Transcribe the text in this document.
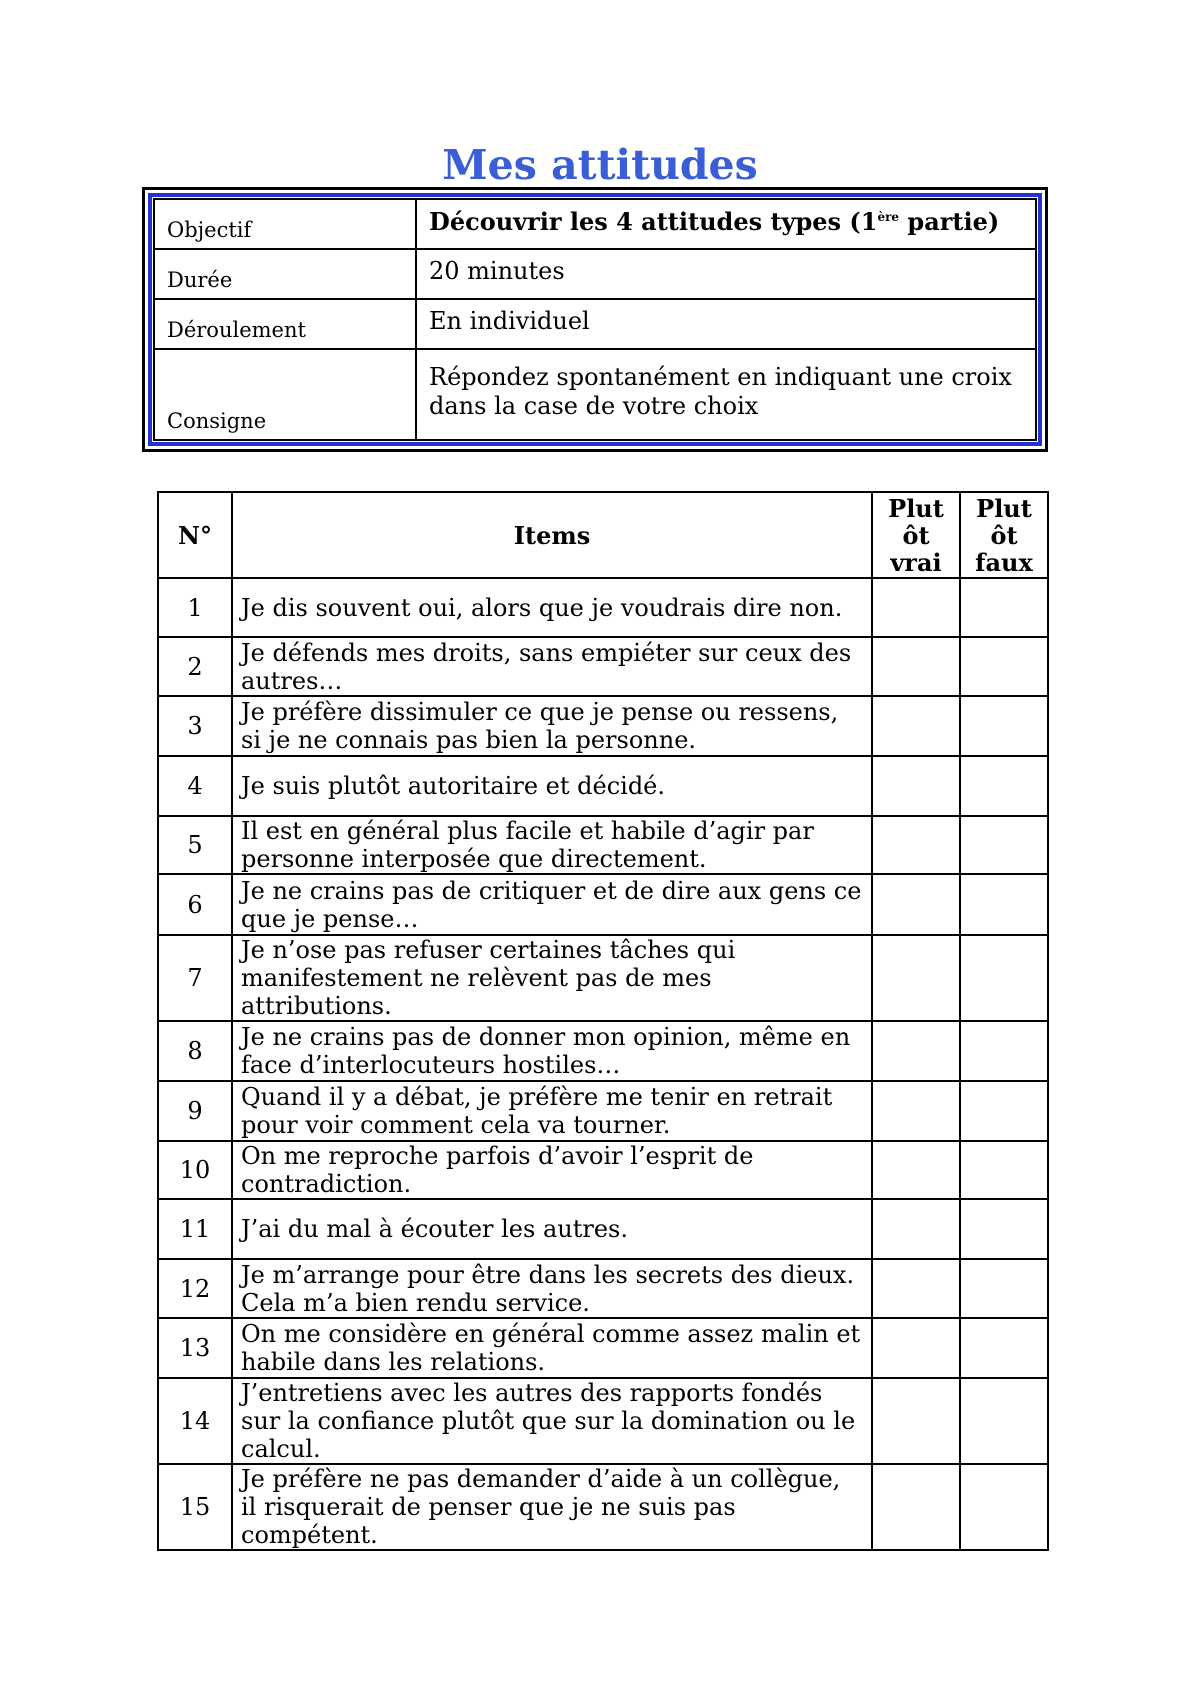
Mes attitudes
Objectif	Découvrir les 4 attitudes types (1ère partie)
Durée	20 minutes
Déroulement	En individuel
Consigne	Répondez spontanément en indiquant une croix dans la case de votre choix
N°	Items	Plut ôt vrai	Plut ôt faux
1	Je dis souvent oui, alors que je voudrais dire non.		
2	Je défends mes droits, sans empiéter sur ceux des autres…		
3	Je préfère dissimuler ce que je pense ou ressens, si je ne connais pas bien la personne.		
4	Je suis plutôt autoritaire et décidé.		
5	Il est en général plus facile et habile d’agir par personne interposée que directement.		
6	Je ne crains pas de critiquer et de dire aux gens ce que je pense…		
7	Je n’ose pas refuser certaines tâches qui manifestement ne relèvent pas de mes attributions.		
8	Je ne crains pas de donner mon opinion, même en face d’interlocuteurs hostiles…		
9	Quand il y a débat, je préfère me tenir en retrait pour voir comment cela va tourner.		
10	On me reproche parfois d’avoir l’esprit de contradiction.		
11	J’ai du mal à écouter les autres.		
12	Je m’arrange pour être dans les secrets des dieux. Cela m’a bien rendu service.		
13	On me considère en général comme assez malin et habile dans les relations.		
14	J’entretiens avec les autres des rapports fondés sur la confiance plutôt que sur la domination ou le calcul.		
15	Je préfère ne pas demander d’aide à un collègue, il risquerait de penser que je ne suis pas compétent.		
